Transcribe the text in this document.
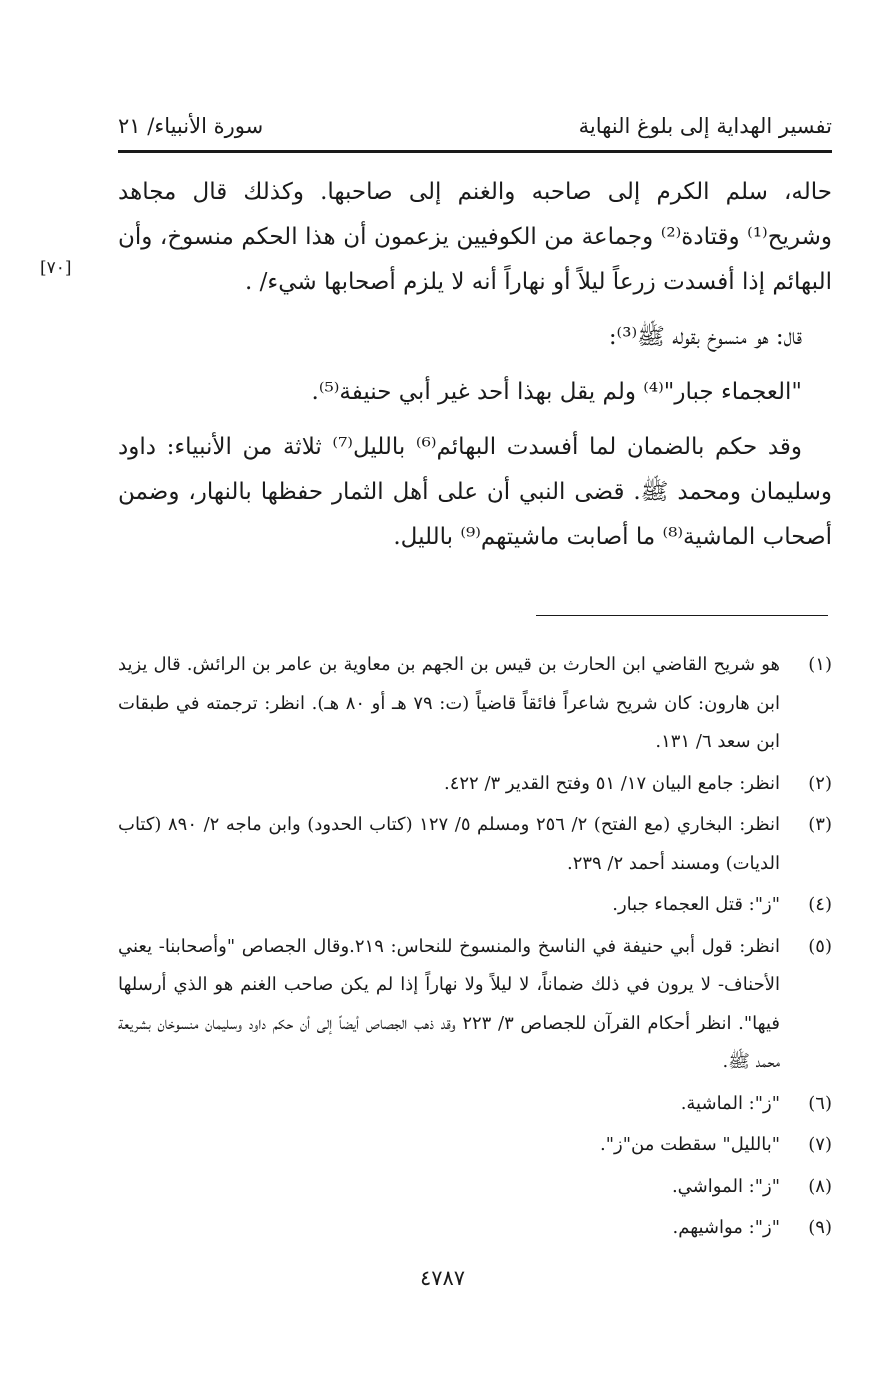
تفسير الهداية إلى بلوغ النهاية
سورة الأنبياء/ ٢١
[٧٠]

حاله، سلم الكرم إلى صاحبه والغنم إلى صاحبها. وكذلك قال مجاهد وشريح⁽¹⁾ وقتادة⁽²⁾ وجماعة من الكوفيين يزعمون أن هذا الحكم منسوخ، وأن البهائم إذا أفسدت زرعاً ليلاً أو نهاراً أنه لا يلزم أصحابها شيء/ .

قال: هو منسوخ بقوله ﷺ⁽³⁾:

"العجماء جبار"⁽⁴⁾ ولم يقل بهذا أحد غير أبي حنيفة⁽⁵⁾.

وقد حكم بالضمان لما أفسدت البهائم⁽⁶⁾ بالليل⁽⁷⁾ ثلاثة من الأنبياء: داود وسليمان ومحمد ﷺ. قضى النبي أن على أهل الثمار حفظها بالنهار، وضمن أصحاب الماشية⁽⁸⁾ ما أصابت ماشيتهم⁽⁹⁾ بالليل.

(١)
هو شريح القاضي ابن الحارث بن قيس بن الجهم بن معاوية بن عامر بن الرائش. قال يزيد ابن هارون: كان شريح شاعراً فائقاً قاضياً (ت: ٧٩ هـ أو ٨٠ هـ). انظر: ترجمته في طبقات ابن سعد ٦/ ١٣١.
(٢)
انظر: جامع البيان ١٧/ ٥١ وفتح القدير ٣/ ٤٢٢.
(٣)
انظر: البخاري (مع الفتح) ٢/ ٢٥٦ ومسلم ٥/ ١٢٧ (كتاب الحدود) وابن ماجه ٢/ ٨٩٠ (كتاب الديات) ومسند أحمد ٢/ ٢٣٩.
(٤)
"ز": قتل العجماء جبار.
(٥)
انظر: قول أبي حنيفة في الناسخ والمنسوخ للنحاس: ٢١٩.وقال الجصاص "وأصحابنا- يعني الأحناف- لا يرون في ذلك ضماناً، لا ليلاً ولا نهاراً إذا لم يكن صاحب الغنم هو الذي أرسلها فيها". انظر أحكام القرآن للجصاص ٣/ ٢٢٣ وقد ذهب الجصاص أيضاً إلى أن حكم داود وسليمان منسوخان بشريعة محمد ﷺ.
(٦)
"ز": الماشية.
(٧)
"بالليل" سقطت من"ز".
(٨)
"ز": المواشي.
(٩)
"ز": مواشيهم.
٤٧٨٧
